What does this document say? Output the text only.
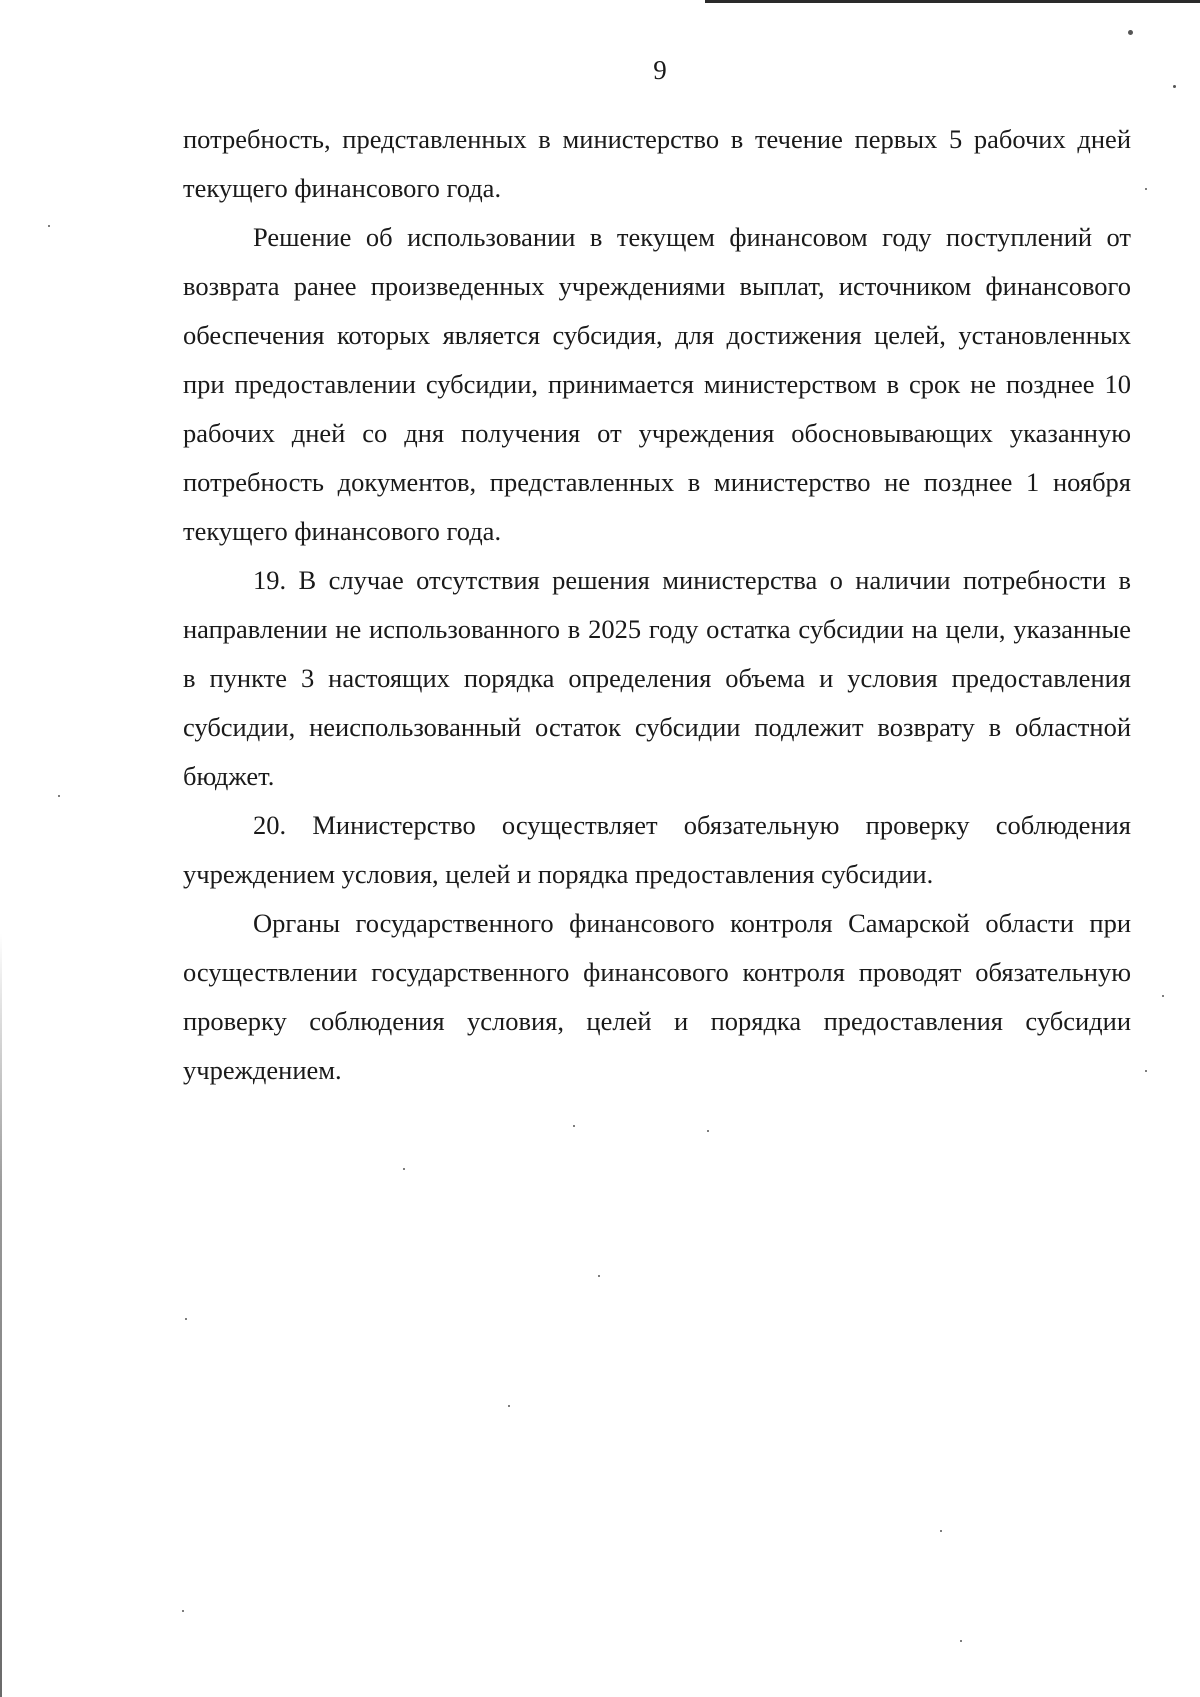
9

потребность, представленных в министерство в течение первых 5 рабочих дней текущего финансового года.

Решение об использовании в текущем финансовом году поступлений от возврата ранее произведенных учреждениями выплат, источником финансового обеспечения которых является субсидия, для достижения целей, установленных при предоставлении субсидии, принимается министерством в срок не позднее 10 рабочих дней со дня получения от учреждения обосновывающих указанную потребность документов, представленных в министерство не позднее 1 ноября текущего финансового года.

19. В случае отсутствия решения министерства о наличии потребности в направлении не использованного в 2025 году остатка субсидии на цели, указанные в пункте 3 настоящих порядка определения объема и условия предоставления субсидии, неиспользованный остаток субсидии подлежит возврату в областной бюджет.

20. Министерство осуществляет обязательную проверку соблюдения учреждением условия, целей и порядка предоставления субсидии.

Органы государственного финансового контроля Самарской области при осуществлении государственного финансового контроля проводят обязательную проверку соблюдения условия, целей и порядка предоставления субсидии учреждением.
